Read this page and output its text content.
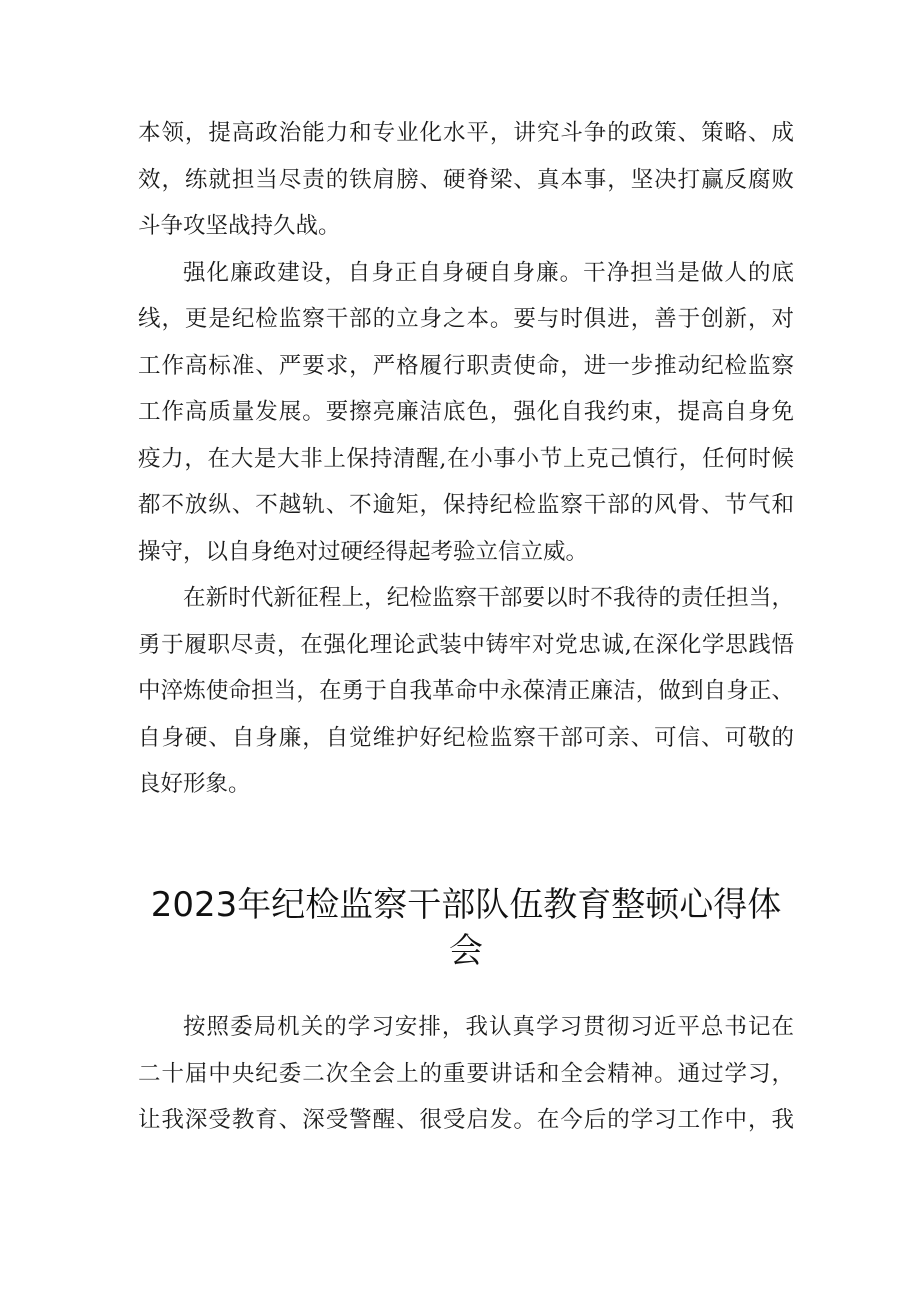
本领，提高政治能力和专业化水平，讲究斗争的政策、策略、成
效，练就担当尽责的铁肩膀、硬脊梁、真本事，坚决打赢反腐败
斗争攻坚战持久战。
强化廉政建设，自身正自身硬自身廉。干净担当是做人的底
线，更是纪检监察干部的立身之本。要与时俱进，善于创新，对
工作高标准、严要求，严格履行职责使命，进一步推动纪检监察
工作高质量发展。要擦亮廉洁底色，强化自我约束，提高自身免
疫力，在大是大非上保持清醒,在小事小节上克己慎行，任何时候
都不放纵、不越轨、不逾矩，保持纪检监察干部的风骨、节气和
操守，以自身绝对过硬经得起考验立信立威。
在新时代新征程上，纪检监察干部要以时不我待的责任担当，
勇于履职尽责，在强化理论武装中铸牢对党忠诚,在深化学思践悟
中淬炼使命担当，在勇于自我革命中永葆清正廉洁，做到自身正、
自身硬、自身廉，自觉维护好纪检监察干部可亲、可信、可敬的
良好形象。
2023年纪检监察干部队伍教育整顿心得体
会
按照委局机关的学习安排，我认真学习贯彻习近平总书记在
二十届中央纪委二次全会上的重要讲话和全会精神。通过学习，
让我深受教育、深受警醒、很受启发。在今后的学习工作中，我
